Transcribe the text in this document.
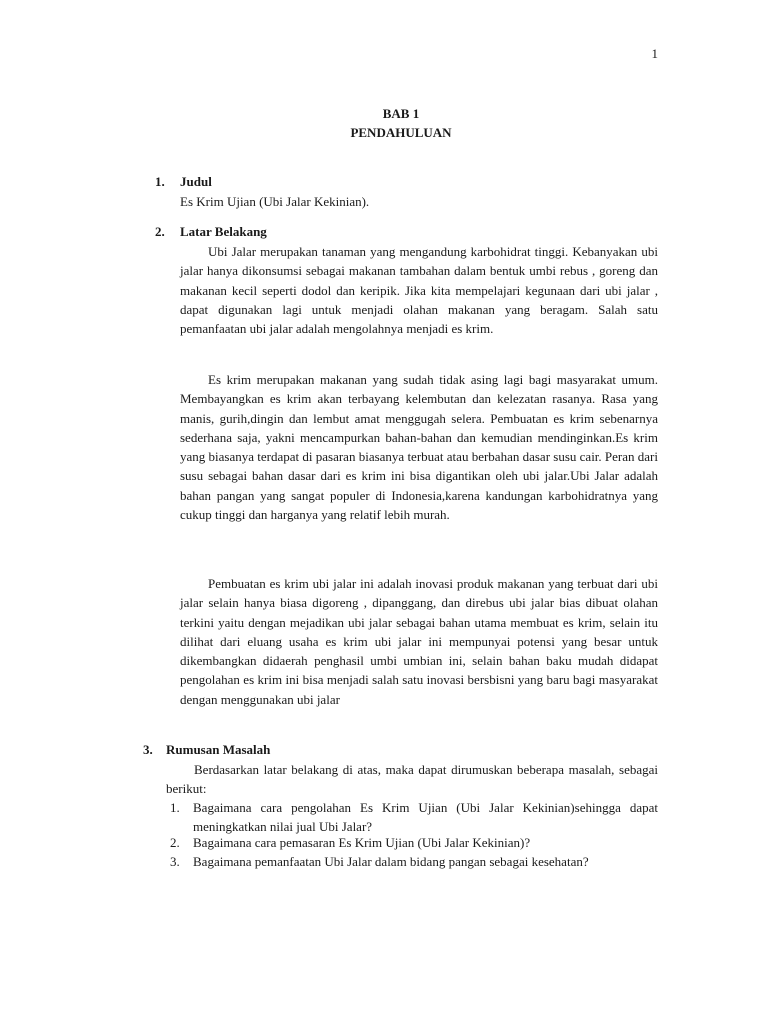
1
BAB 1
PENDAHULUAN
1. Judul
Es Krim Ujian (Ubi Jalar Kekinian).
2. Latar Belakang

Ubi Jalar merupakan tanaman yang mengandung karbohidrat tinggi. Kebanyakan ubi jalar hanya dikonsumsi sebagai makanan tambahan dalam bentuk umbi rebus , goreng dan makanan kecil seperti dodol dan keripik. Jika kita mempelajari kegunaan dari ubi jalar , dapat digunakan lagi untuk menjadi olahan makanan yang beragam. Salah satu pemanfaatan ubi jalar adalah mengolahnya menjadi es krim.

Es krim merupakan makanan yang sudah tidak asing lagi bagi masyarakat umum. Membayangkan es krim akan terbayang kelembutan dan kelezatan rasanya. Rasa yang manis, gurih,dingin dan lembut amat menggugah selera. Pembuatan es krim sebenarnya sederhana saja, yakni mencampurkan bahan-bahan dan kemudian mendinginkan.Es krim yang biasanya terdapat di pasaran biasanya terbuat atau berbahan dasar susu cair. Peran dari susu sebagai bahan dasar dari es krim ini bisa digantikan oleh ubi jalar.Ubi Jalar adalah bahan pangan yang sangat populer di Indonesia,karena kandungan karbohidratnya yang cukup tinggi dan harganya yang relatif lebih murah.

Pembuatan es krim ubi jalar ini adalah inovasi produk makanan yang terbuat dari ubi jalar selain hanya biasa digoreng , dipanggang, dan direbus ubi jalar bias dibuat olahan terkini yaitu dengan mejadikan ubi jalar sebagai bahan utama membuat es krim, selain itu dilihat dari eluang usaha es krim ubi jalar ini mempunyai potensi yang besar untuk dikembangkan didaerah penghasil umbi umbian ini, selain bahan baku mudah didapat pengolahan es krim ini bisa menjadi salah satu inovasi bersbisni yang baru bagi masyarakat dengan menggunakan ubi jalar

3. Rumusan Masalah

Berdasarkan latar belakang di atas, maka dapat dirumuskan beberapa masalah, sebagai berikut:

1. Bagaimana cara pengolahan Es Krim Ujian (Ubi Jalar Kekinian)sehingga dapat meningkatkan nilai jual Ubi Jalar?
2. Bagaimana cara pemasaran Es Krim Ujian (Ubi Jalar Kekinian)?
3. Bagaimana pemanfaatan Ubi Jalar dalam bidang pangan sebagai kesehatan?
